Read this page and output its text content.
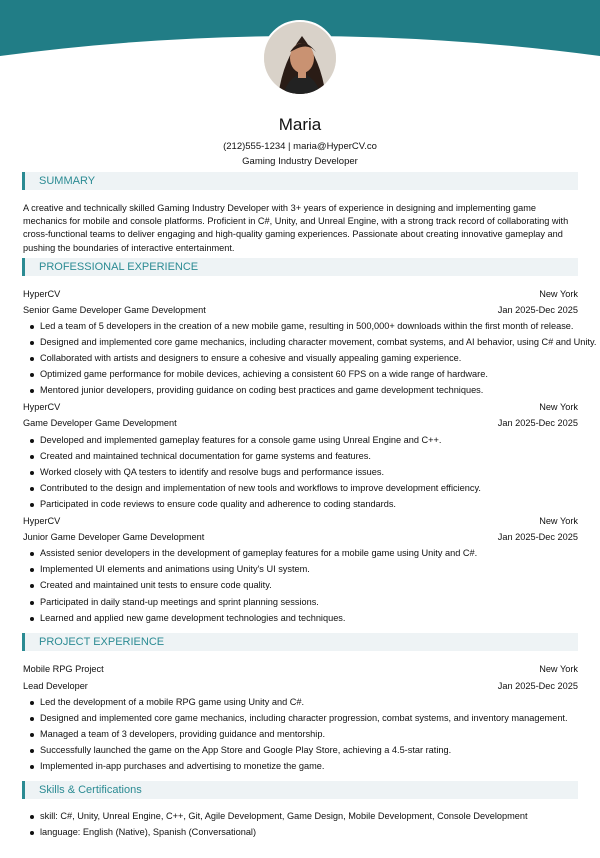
Maria
(212)555-1234 | maria@HyperCV.co
Gaming Industry Developer
SUMMARY
A creative and technically skilled Gaming Industry Developer with 3+ years of experience in designing and implementing game mechanics for mobile and console platforms. Proficient in C#, Unity, and Unreal Engine, with a strong track record of collaborating with cross-functional teams to deliver engaging and high-quality gaming experiences. Passionate about creating innovative gameplay and pushing the boundaries of interactive entertainment.
PROFESSIONAL EXPERIENCE
HyperCV	New York
Senior Game Developer Game Development	Jan 2025-Dec 2025
Led a team of 5 developers in the creation of a new mobile game, resulting in 500,000+ downloads within the first month of release.
Designed and implemented core game mechanics, including character movement, combat systems, and AI behavior, using C# and Unity.
Collaborated with artists and designers to ensure a cohesive and visually appealing gaming experience.
Optimized game performance for mobile devices, achieving a consistent 60 FPS on a wide range of hardware.
Mentored junior developers, providing guidance on coding best practices and game development techniques.
HyperCV	New York
Game Developer Game Development	Jan 2025-Dec 2025
Developed and implemented gameplay features for a console game using Unreal Engine and C++.
Created and maintained technical documentation for game systems and features.
Worked closely with QA testers to identify and resolve bugs and performance issues.
Contributed to the design and implementation of new tools and workflows to improve development efficiency.
Participated in code reviews to ensure code quality and adherence to coding standards.
HyperCV	New York
Junior Game Developer Game Development	Jan 2025-Dec 2025
Assisted senior developers in the development of gameplay features for a mobile game using Unity and C#.
Implemented UI elements and animations using Unity's UI system.
Created and maintained unit tests to ensure code quality.
Participated in daily stand-up meetings and sprint planning sessions.
Learned and applied new game development technologies and techniques.
PROJECT EXPERIENCE
Mobile RPG Project	New York
Lead Developer	Jan 2025-Dec 2025
Led the development of a mobile RPG game using Unity and C#.
Designed and implemented core game mechanics, including character progression, combat systems, and inventory management.
Managed a team of 3 developers, providing guidance and mentorship.
Successfully launched the game on the App Store and Google Play Store, achieving a 4.5-star rating.
Implemented in-app purchases and advertising to monetize the game.
Skills & Certifications
skill: C#, Unity, Unreal Engine, C++, Git, Agile Development, Game Design, Mobile Development, Console Development
language: English (Native), Spanish (Conversational)
